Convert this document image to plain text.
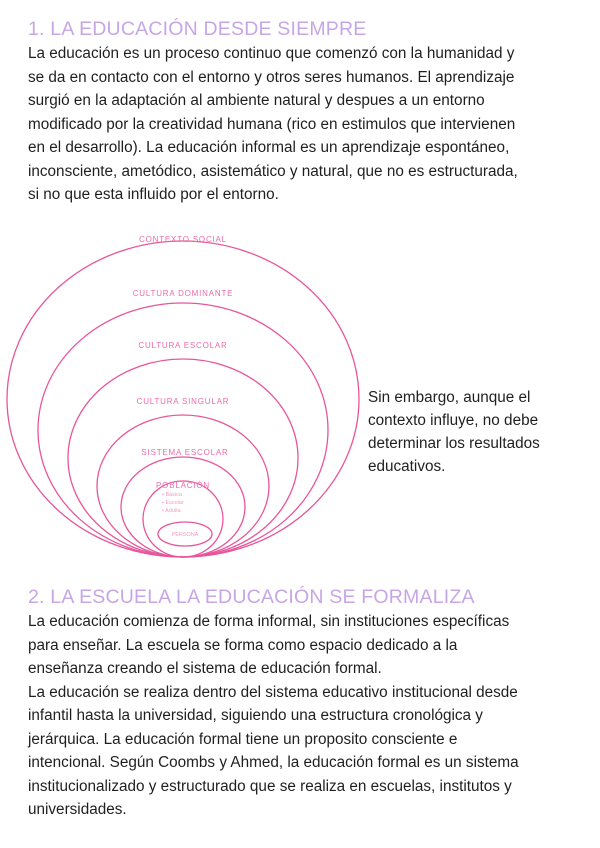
1. LA EDUCACIÓN DESDE SIEMPRE

La educación es un proceso continuo que comenzó con la humanidad y
se da en contacto con el entorno y otros seres humanos. El aprendizaje
surgió en la adaptación al ambiente natural y despues a un entorno
modificado por la creatividad humana (rico en estimulos que intervienen
en el desarrollo). La educación informal es un aprendizaje espontáneo,
inconsciente, ametódico, asistemático y natural, que no es estructurada,
si no que esta influido por el entorno.

CONTEXTO SOCIAL
CULTURA DOMINANTE
CULTURA ESCOLAR
CULTURA SINGULAR
SISTEMA ESCOLAR
POBLACIÓN
• Básica
• Escolar
• Adulta
PERSONA

Sin embargo, aunque el
contexto influye, no debe
determinar los resultados
educativos.

2. LA ESCUELA LA EDUCACIÓN SE FORMALIZA

La educación comienza de forma informal, sin instituciones específicas
para enseñar. La escuela se forma como espacio dedicado a la
enseñanza creando el sistema de educación formal.
La educación se realiza dentro del sistema educativo institucional desde
infantil hasta la universidad, siguiendo una estructura cronológica y
jerárquica. La educación formal tiene un proposito consciente e
intencional. Según Coombs y Ahmed, la educación formal es un sistema
institucionalizado y estructurado que se realiza en escuelas, institutos y
universidades.
